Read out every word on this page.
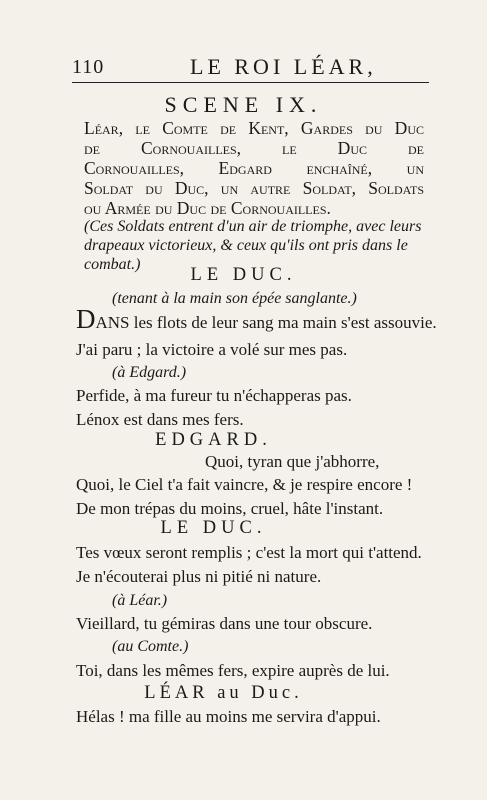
110	LE ROI LÉAR,
SCENE IX.
Léar, le Comte de Kent, Gardes du Duc
de Cornouailles, le Duc de
Cornouailles, Edgard enchaîné, un
Soldat du Duc, un autre Soldat, Soldats
ou Armée du Duc de Cornouailles.
(Ces Soldats entrent d'un air de triomphe, avec leurs
drapeaux victorieux, & ceux qu'ils ont pris dans le
combat.)
LE DUC.
(tenant à la main son épée sanglante.)
DANS les flots de leur sang ma main s'est assouvie.
J'ai paru ; la victoire a volé sur mes pas.
(à Edgard.)
Perfide, à ma fureur tu n'échapperas pas.
Lénox est dans mes fers.
EDGARD.
Quoi, tyran que j'abhorre,
Quoi, le Ciel t'a fait vaincre, & je respire encore !
De mon trépas du moins, cruel, hâte l'instant.
LE DUC.
Tes vœux seront remplis ; c'est la mort qui t'attend.
Je n'écouterai plus ni pitié ni nature.
(à Léar.)
Vieillard, tu gémiras dans une tour obscure.
(au Comte.)
Toi, dans les mêmes fers, expire auprès de lui.
LÉAR au Duc.
Hélas ! ma fille au moins me servira d'appui.
